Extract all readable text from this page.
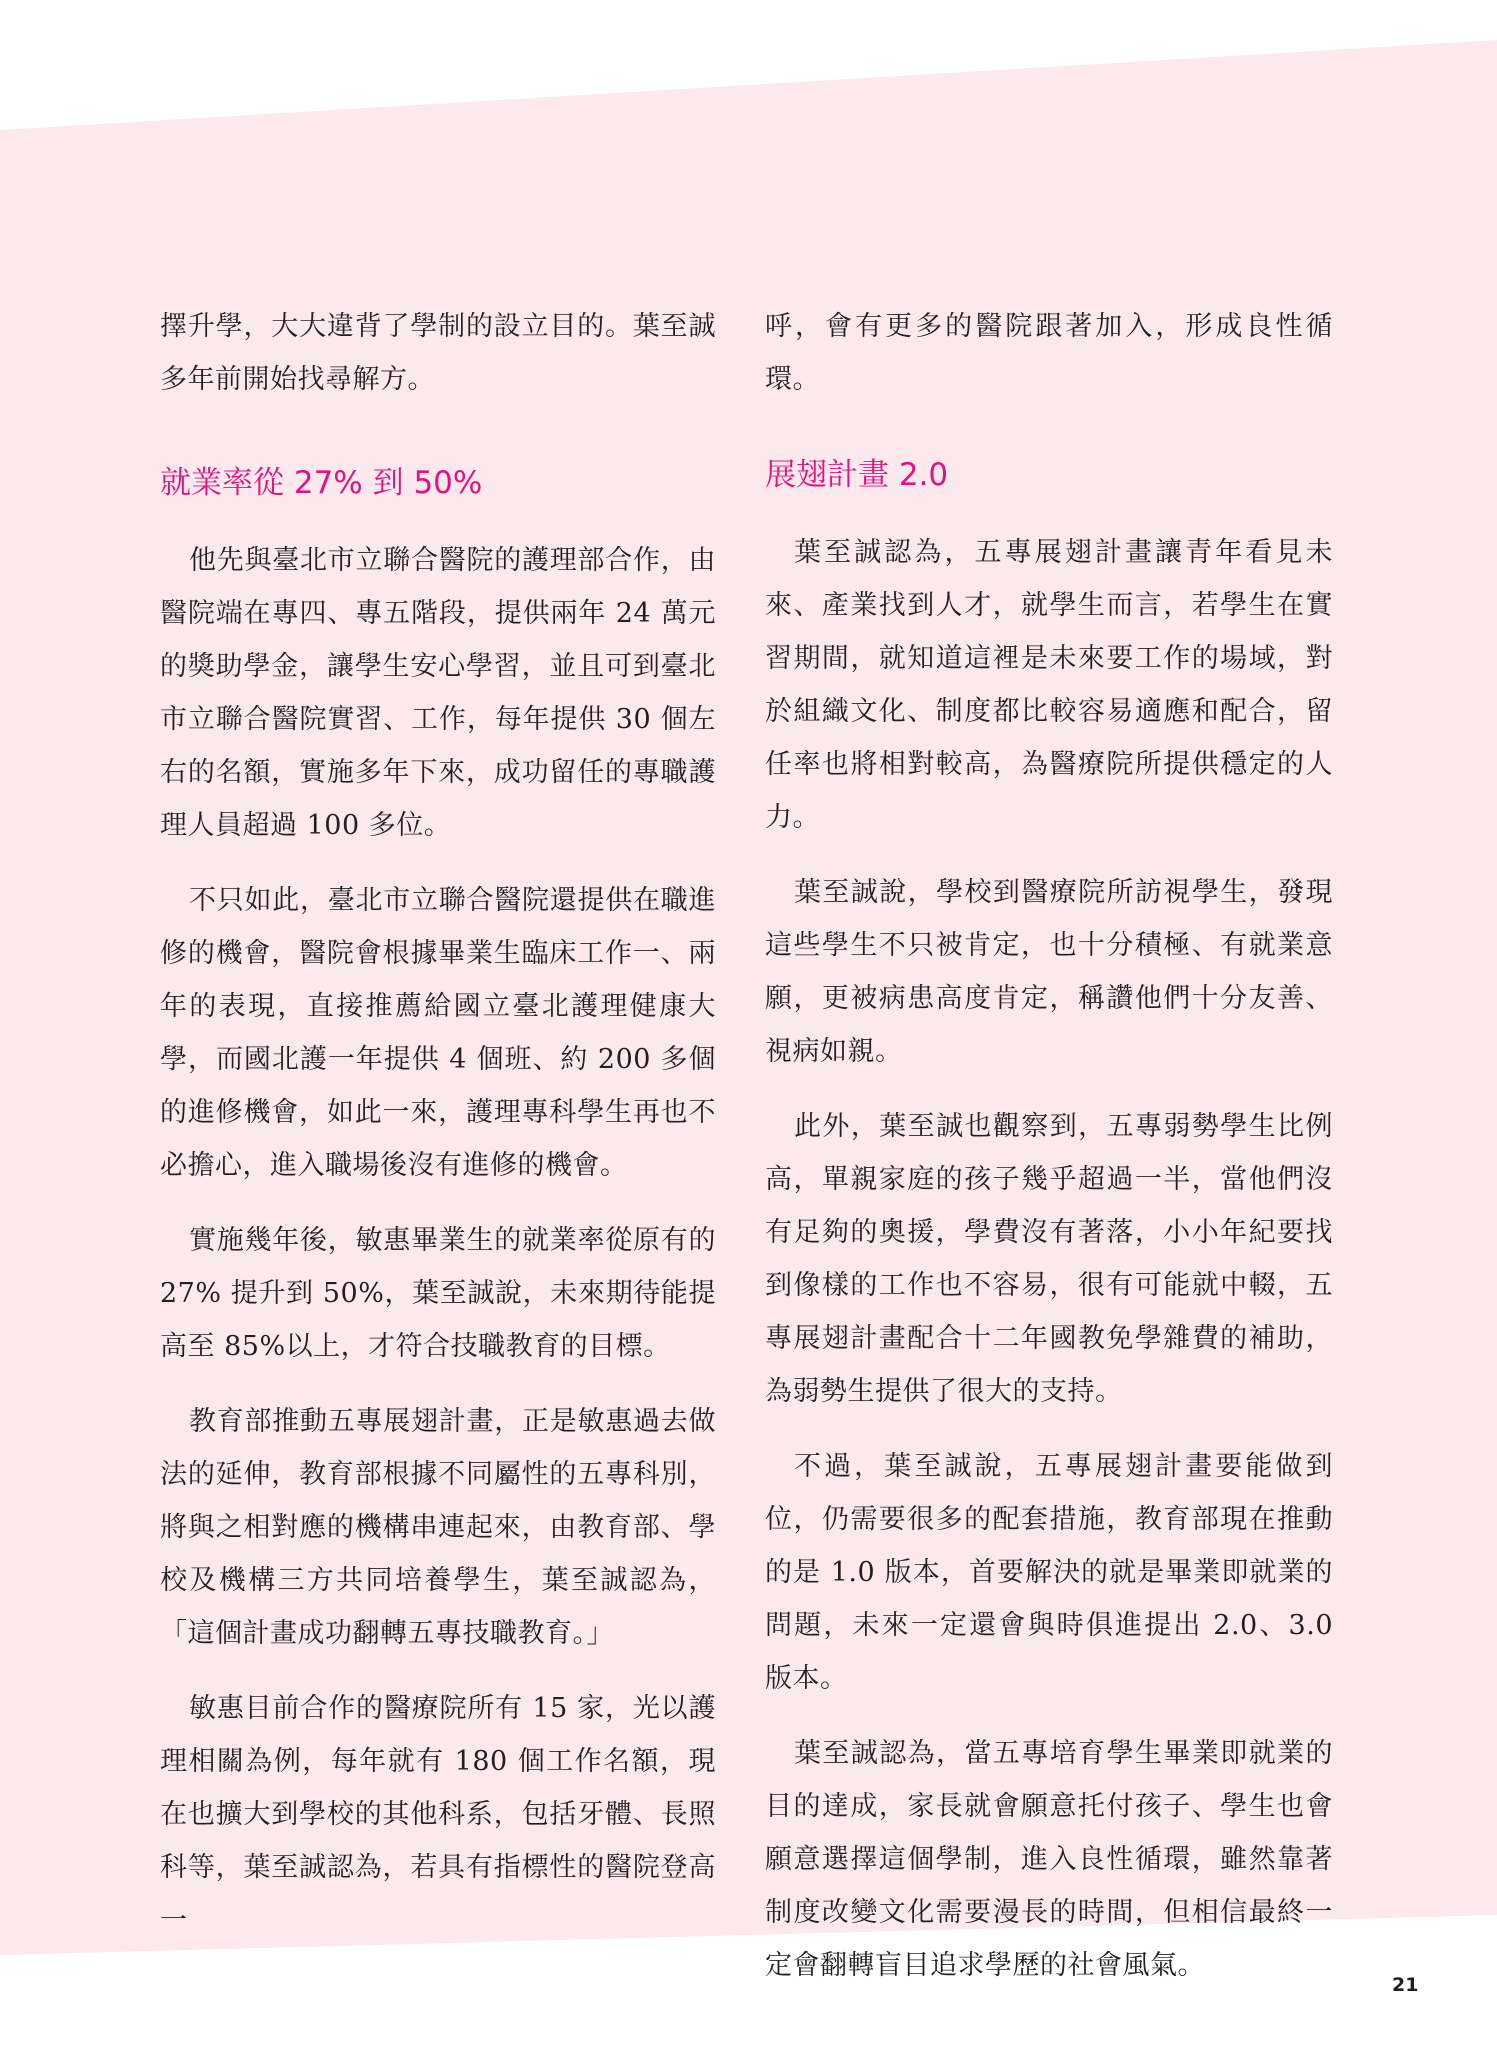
擇升學，大大違背了學制的設立目的。葉至誠多年前開始找尋解方。

就業率從 27% 到 50%

他先與臺北市立聯合醫院的護理部合作，由醫院端在專四、專五階段，提供兩年 24 萬元的獎助學金，讓學生安心學習，並且可到臺北市立聯合醫院實習、工作，每年提供 30 個左右的名額，實施多年下來，成功留任的專職護理人員超過 100 多位。

不只如此，臺北市立聯合醫院還提供在職進修的機會，醫院會根據畢業生臨床工作一、兩年的表現，直接推薦給國立臺北護理健康大學，而國北護一年提供 4 個班、約 200 多個的進修機會，如此一來，護理專科學生再也不必擔心，進入職場後沒有進修的機會。

實施幾年後，敏惠畢業生的就業率從原有的 27% 提升到 50%，葉至誠說，未來期待能提高至 85%以上，才符合技職教育的目標。

教育部推動五專展翅計畫，正是敏惠過去做法的延伸，教育部根據不同屬性的五專科別，將與之相對應的機構串連起來，由教育部、學校及機構三方共同培養學生，葉至誠認為，「這個計畫成功翻轉五專技職教育。」

敏惠目前合作的醫療院所有 15 家，光以護理相關為例，每年就有 180 個工作名額，現在也擴大到學校的其他科系，包括牙體、長照科等，葉至誠認為，若具有指標性的醫院登高一

呼，會有更多的醫院跟著加入，形成良性循環。

展翅計畫 2.0

葉至誠認為，五專展翅計畫讓青年看見未來、產業找到人才，就學生而言，若學生在實習期間，就知道這裡是未來要工作的場域，對於組織文化、制度都比較容易適應和配合，留任率也將相對較高，為醫療院所提供穩定的人力。

葉至誠說，學校到醫療院所訪視學生，發現這些學生不只被肯定，也十分積極、有就業意願，更被病患高度肯定，稱讚他們十分友善、視病如親。

此外，葉至誠也觀察到，五專弱勢學生比例高，單親家庭的孩子幾乎超過一半，當他們沒有足夠的奧援，學費沒有著落，小小年紀要找到像樣的工作也不容易，很有可能就中輟，五專展翅計畫配合十二年國教免學雜費的補助，為弱勢生提供了很大的支持。

不過，葉至誠說，五專展翅計畫要能做到位，仍需要很多的配套措施，教育部現在推動的是 1.0 版本，首要解決的就是畢業即就業的問題，未來一定還會與時俱進提出 2.0、3.0 版本。

葉至誠認為，當五專培育學生畢業即就業的目的達成，家長就會願意托付孩子、學生也會願意選擇這個學制，進入良性循環，雖然靠著制度改變文化需要漫長的時間，但相信最終一定會翻轉盲目追求學歷的社會風氣。

21
